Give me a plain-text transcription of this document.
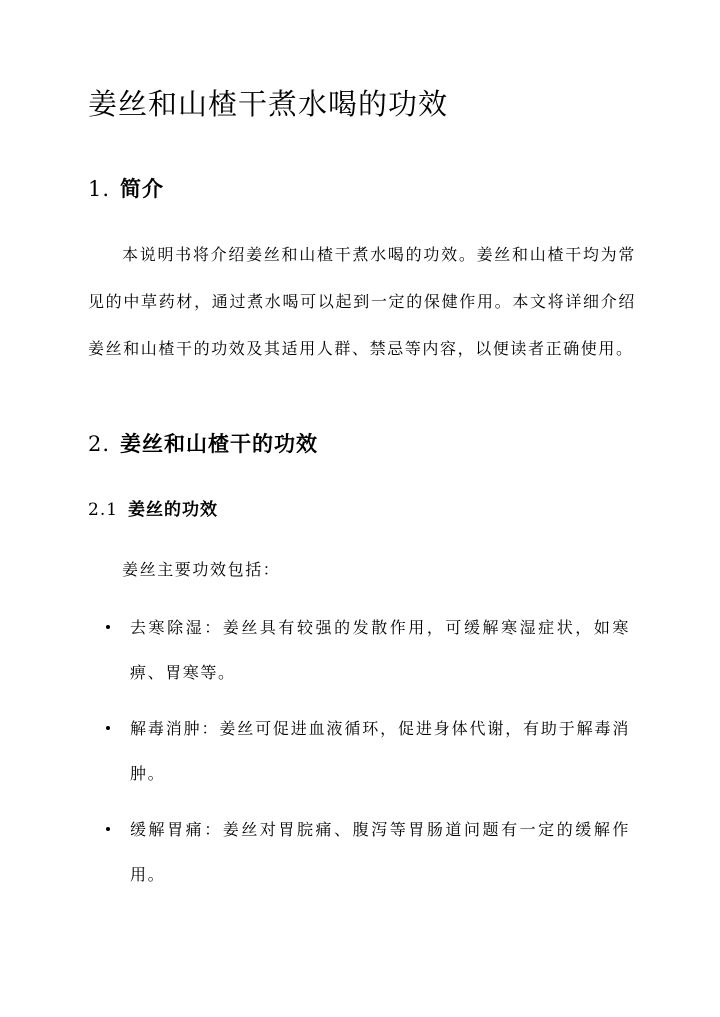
姜丝和山楂干煮水喝的功效
1. 简介

本说明书将介绍姜丝和山楂干煮水喝的功效。姜丝和山楂干均为常见的中草药材，通过煮水喝可以起到一定的保健作用。本文将详细介绍姜丝和山楂干的功效及其适用人群、禁忌等内容，以便读者正确使用。

2. 姜丝和山楂干的功效
2.1 姜丝的功效

姜丝主要功效包括：

去寒除湿：姜丝具有较强的发散作用，可缓解寒湿症状，如寒痹、胃寒等。
解毒消肿：姜丝可促进血液循环，促进身体代谢，有助于解毒消肿。
缓解胃痛：姜丝对胃脘痛、腹泻等胃肠道问题有一定的缓解作用。
